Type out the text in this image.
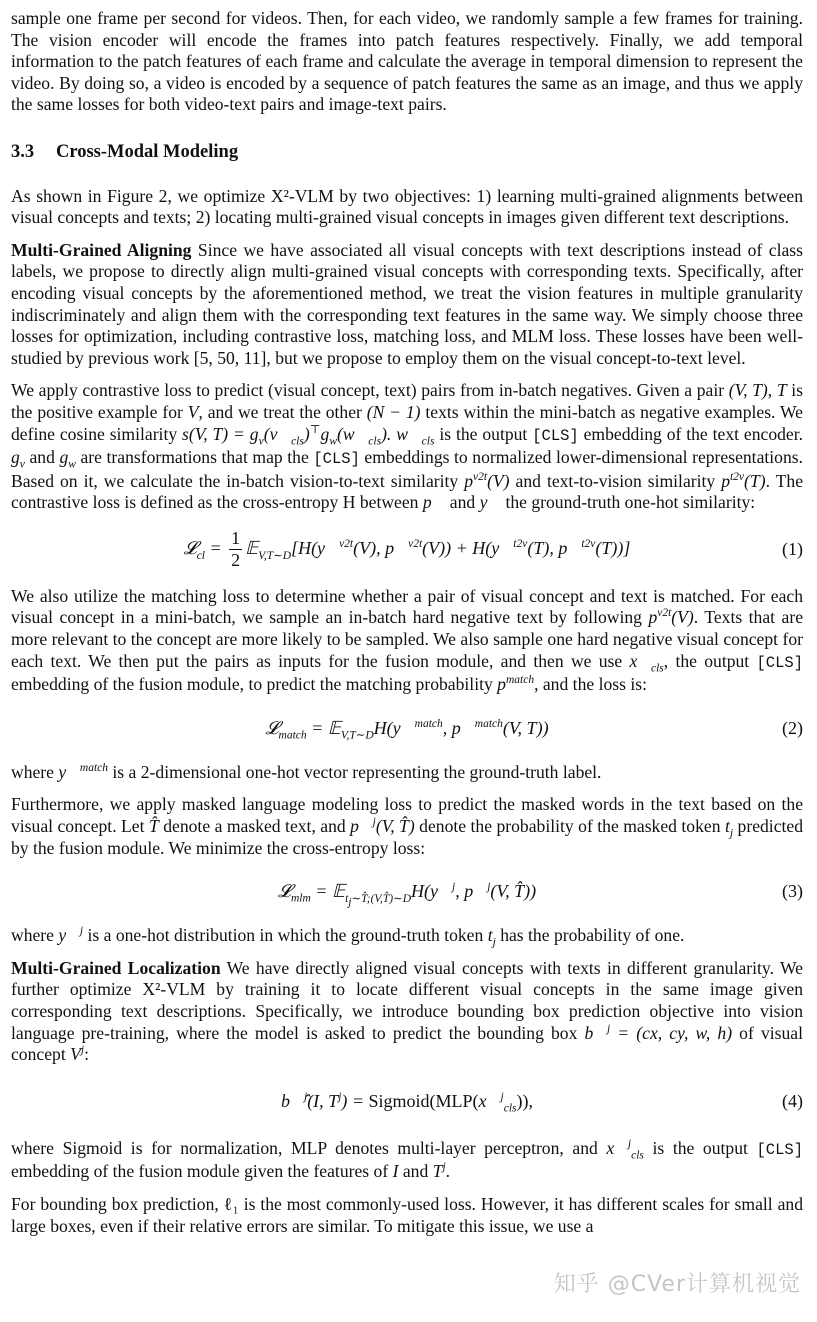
sample one frame per second for videos. Then, for each video, we randomly sample a few frames for training. The vision encoder will encode the frames into patch features respectively. Finally, we add temporal information to the patch features of each frame and calculate the average in temporal dimension to represent the video. By doing so, a video is encoded by a sequence of patch features the same as an image, and thus we apply the same losses for both video-text pairs and image-text pairs.

3.3 Cross-Modal Modeling

As shown in Figure 2, we optimize X²-VLM by two objectives: 1) learning multi-grained alignments between visual concepts and texts; 2) locating multi-grained visual concepts in images given different text descriptions.

Multi-Grained Aligning Since we have associated all visual concepts with text descriptions instead of class labels, we propose to directly align multi-grained visual concepts with corresponding texts. Specifically, after encoding visual concepts by the aforementioned method, we treat the vision features in multiple granularity indiscriminately and align them with the corresponding text features in the same way. We simply choose three losses for optimization, including contrastive loss, matching loss, and MLM loss. These losses have been well-studied by previous work [5, 50, 11], but we propose to employ them on the visual concept-to-text level.

We apply contrastive loss to predict (visual concept, text) pairs from in-batch negatives. Given a pair (V, T), T is the positive example for V, and we treat the other (N − 1) texts within the mini-batch as negative examples. We define cosine similarity s(V, $T) = g_v(v⃗_{cls})^⊤g_w(w⃗_{cls})$. $w⃗_{cls}$ is the output [CLS] embedding of the text encoder. $g_v$ and $g_w$ are transformations that map the [CLS] embeddings to normalized lower-dimensional representations. Based on it, we calculate the in-batch vision-to-text similarity $p^{v2t}(V)$ and text-to-vision similarity $p^{t2v}(T)$. The contrastive loss is defined as the cross-entropy H between p⃗ and y⃗ the ground-truth one-hot similarity:

𝓛$_{cl}$ = $\frac{1}{2}$ 𝔼$_{V,T\sim D}$[H(y⃗$^{v2t}$(V), p⃗$^{v2t}$(V)) + H(y⃗$^{t2v}$(T), p⃗$^{t2v}$(T))]	(1)

We also utilize the matching loss to determine whether a pair of visual concept and text is matched. For each visual concept in a mini-batch, we sample an in-batch hard negative text by following $p^{v2t}(V)$. Texts that are more relevant to the concept are more likely to be sampled. We also sample one hard negative visual concept for each text. We then put the pairs as inputs for the fusion module, and then we use $x⃗_{cls}$, the output [CLS] embedding of the fusion module, to predict the matching probability $p^{match}$, and the loss is:

𝓛$_{match}$ = 𝔼$_{V,T\sim D}$H(y⃗$^{match}$, p⃗$^{match}$(V, T))	(2)

where y⃗$^{match}$ is a 2-dimensional one-hot vector representing the ground-truth label.

Furthermore, we apply masked language modeling loss to predict the masked words in the text based on the visual concept. Let T̂ denote a masked text, and p⃗$^j$(V, T̂) denote the probability of the masked token $t_j$ predicted by the fusion module. We minimize the cross-entropy loss:

𝓛$_{mlm}$ = 𝔼$_{t_j\sim T̂;(V,T̂)\sim D}$H(y⃗$^j$, p⃗$^j$(V, T̂))	(3)

where y⃗$^j$ is a one-hot distribution in which the ground-truth token $t_j$ has the probability of one.

Multi-Grained Localization We have directly aligned visual concepts with texts in different granularity. We further optimize X²-VLM by training it to locate different visual concepts in the same image given corresponding text descriptions. Specifically, we introduce bounding box prediction objective into vision language pre-training, where the model is asked to predict the bounding box b⃗$^j$ = (cx, cy, w, h) of visual concept $V^j$:

b⃗̂$^j$(I, $T^j$) = Sigmoid(MLP(x⃗$^j_{cls}$)),	(4)

where Sigmoid is for normalization, MLP denotes multi-layer perceptron, and x⃗$^j_{cls}$ is the output [CLS] embedding of the fusion module given the features of I and $T^j$.

For bounding box prediction, ℓ₁ is the most commonly-used loss. However, it has different scales for small and large boxes, even if their relative errors are similar. To mitigate this issue, we use a

知乎 @CVer计算机视觉
